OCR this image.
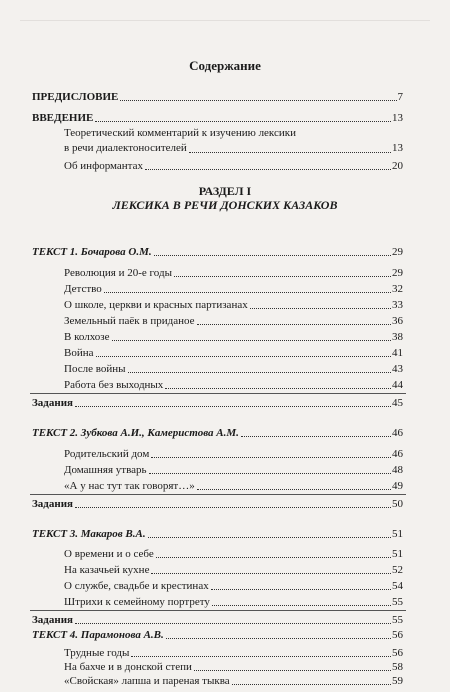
Содержание
ПРЕДИСЛОВИЕ	7
ВВЕДЕНИЕ	13
Теоретический комментарий к изучению лексики
в речи диалектоносителей	13
Об информантах	20
РАЗДЕЛ I
ЛЕКСИКА В РЕЧИ ДОНСКИХ КАЗАКОВ
ТЕКСТ 1. Бочарова О.М.	29
Революция и 20-е годы	29
Детство	32
О школе, церкви и красных партизанах	33
Земельный паёк в приданое	36
В колхозе	38
Война	41
После войны	43
Работа без выходных	44
Задания	45
ТЕКСТ 2. Зубкова А.И., Камеристова А.М.	46
Родительский дом	46
Домашняя утварь	48
«А у нас тут так говорят…»	49
Задания	50
ТЕКСТ 3. Макаров В.А.	51
О времени и о себе	51
На казачьей кухне	52
О службе, свадьбе и крестинах	54
Штрихи к семейному портрету	55
Задания	55
ТЕКСТ 4. Парамонова А.В.	56
Трудные годы	56
На бахче и в донской степи	58
«Свойская» лапша и пареная тыква	59
